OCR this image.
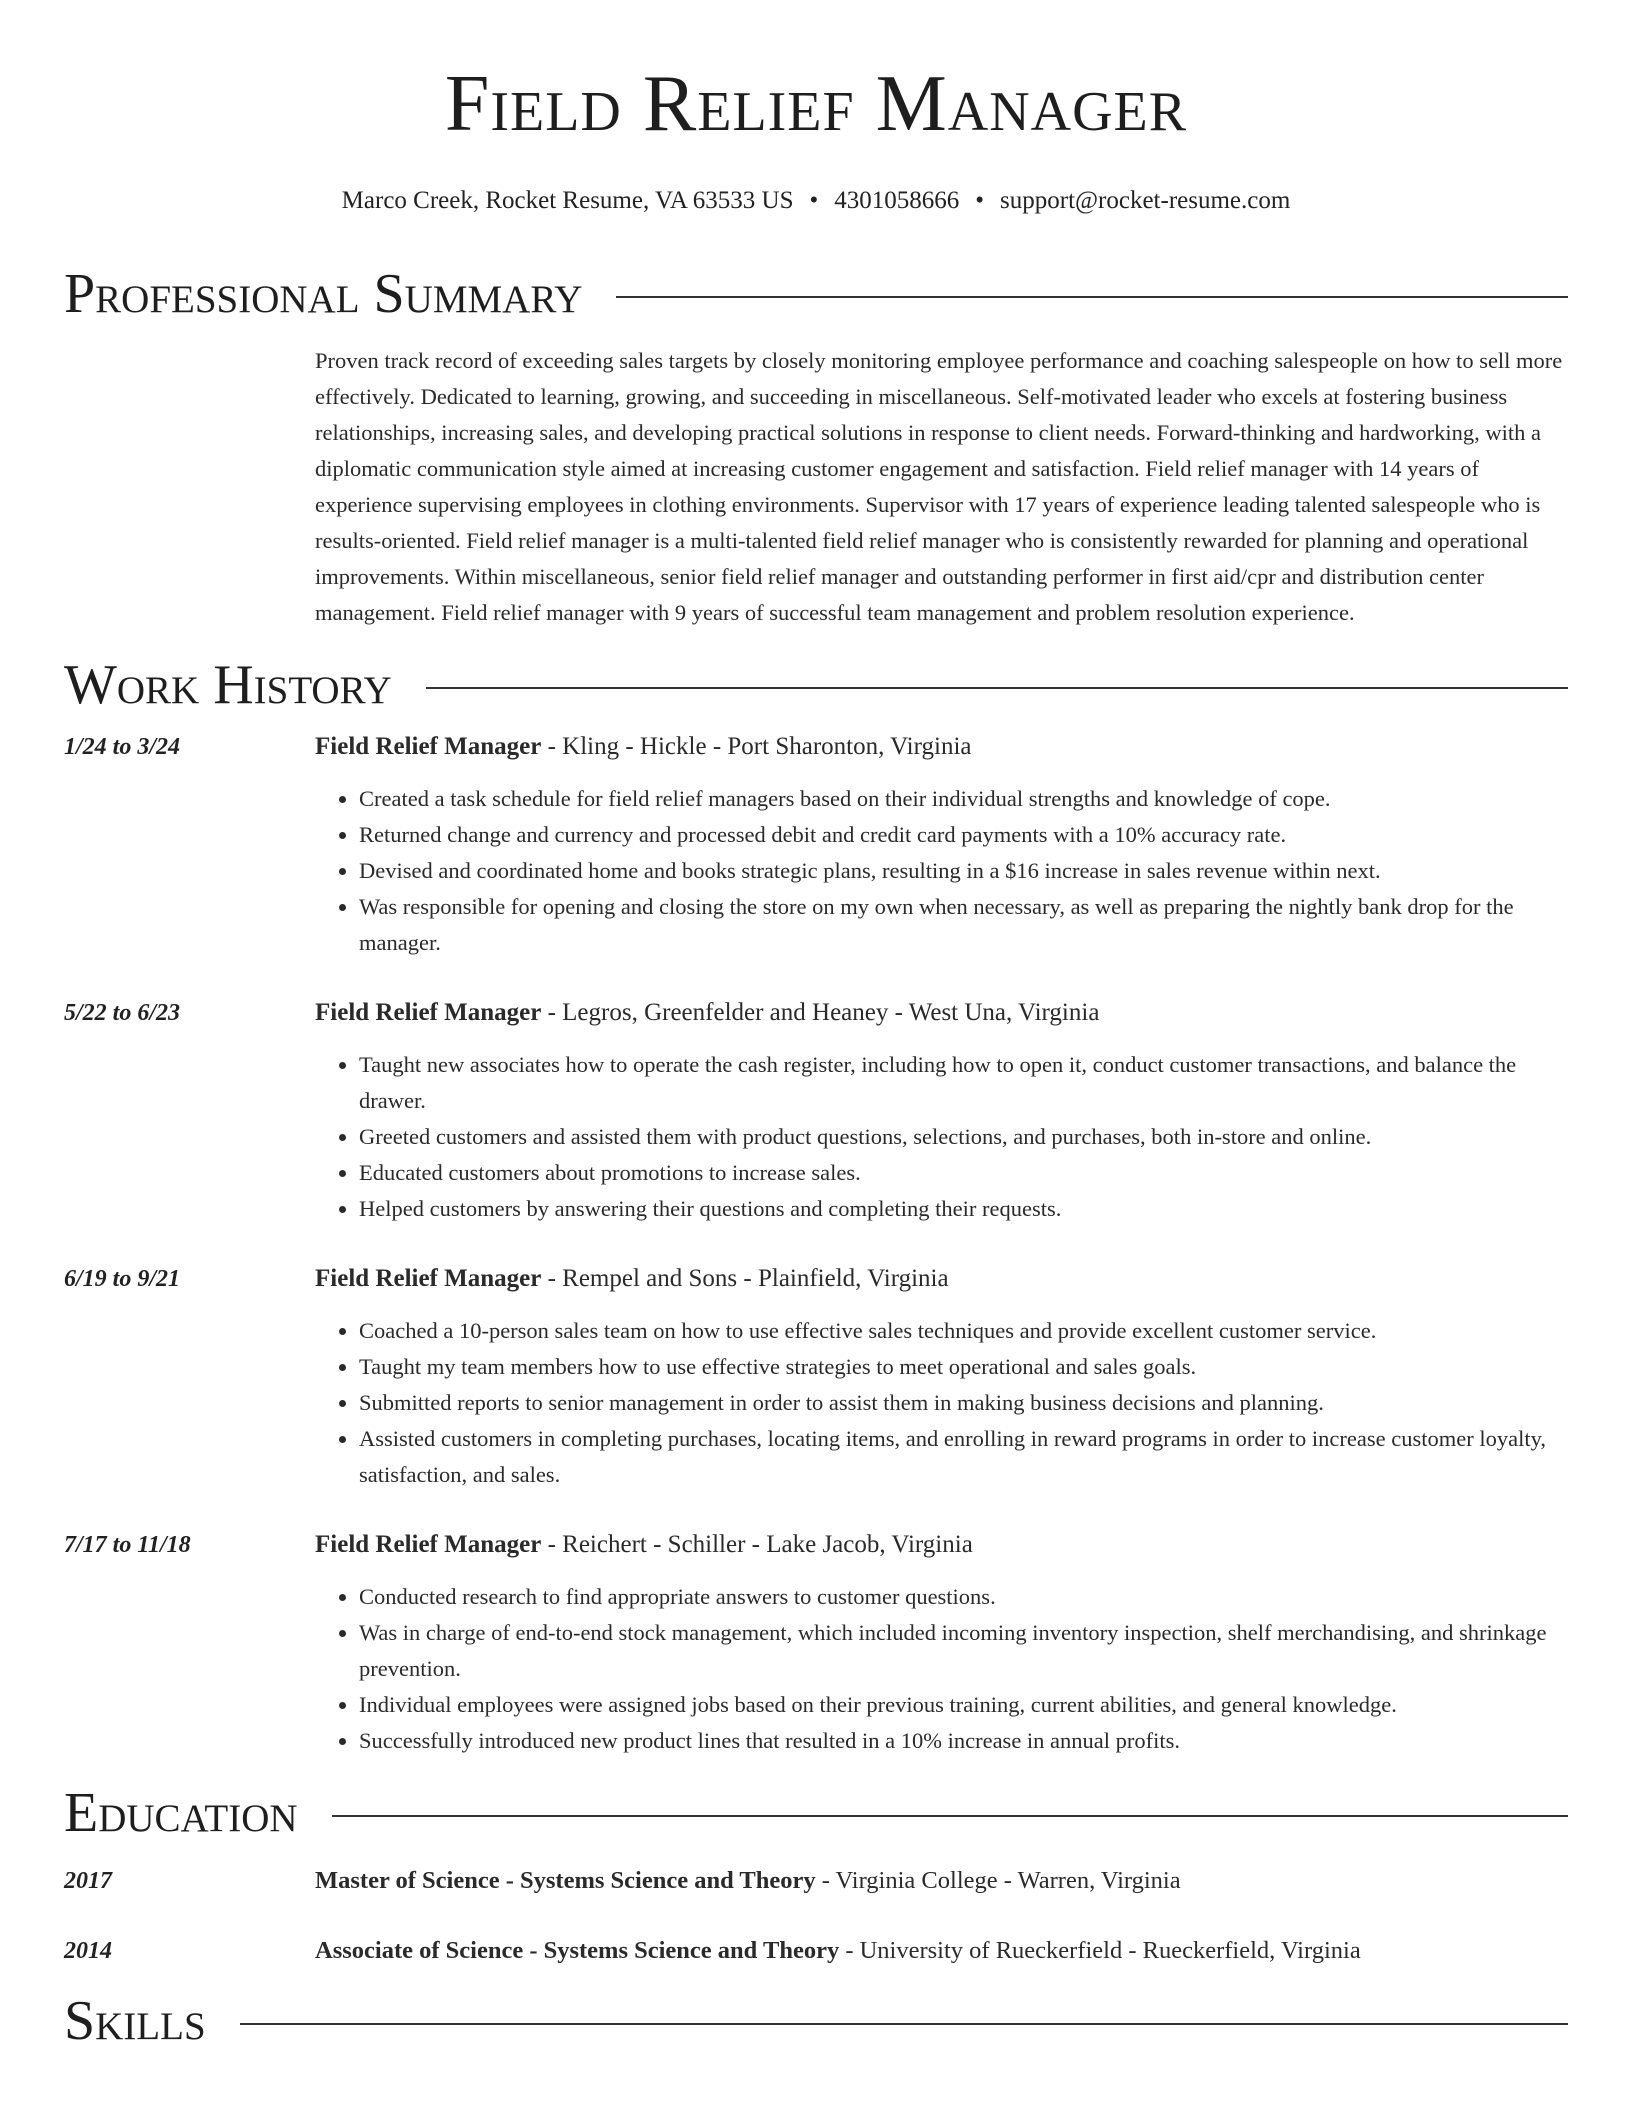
Field Relief Manager
Marco Creek, Rocket Resume, VA 63533 US • 4301058666 • support@rocket-resume.com
Professional Summary
Proven track record of exceeding sales targets by closely monitoring employee performance and coaching salespeople on how to sell more effectively. Dedicated to learning, growing, and succeeding in miscellaneous. Self-motivated leader who excels at fostering business relationships, increasing sales, and developing practical solutions in response to client needs. Forward-thinking and hardworking, with a diplomatic communication style aimed at increasing customer engagement and satisfaction. Field relief manager with 14 years of experience supervising employees in clothing environments. Supervisor with 17 years of experience leading talented salespeople who is results-oriented. Field relief manager is a multi-talented field relief manager who is consistently rewarded for planning and operational improvements. Within miscellaneous, senior field relief manager and outstanding performer in first aid/cpr and distribution center management. Field relief manager with 9 years of successful team management and problem resolution experience.
Work History
1/24 to 3/24	Field Relief Manager - Kling - Hickle - Port Sharonton, Virginia
• Created a task schedule for field relief managers based on their individual strengths and knowledge of cope.
• Returned change and currency and processed debit and credit card payments with a 10% accuracy rate.
• Devised and coordinated home and books strategic plans, resulting in a $16 increase in sales revenue within next.
• Was responsible for opening and closing the store on my own when necessary, as well as preparing the nightly bank drop for the manager.
5/22 to 6/23	Field Relief Manager - Legros, Greenfelder and Heaney - West Una, Virginia
• Taught new associates how to operate the cash register, including how to open it, conduct customer transactions, and balance the drawer.
• Greeted customers and assisted them with product questions, selections, and purchases, both in-store and online.
• Educated customers about promotions to increase sales.
• Helped customers by answering their questions and completing their requests.
6/19 to 9/21	Field Relief Manager - Rempel and Sons - Plainfield, Virginia
• Coached a 10-person sales team on how to use effective sales techniques and provide excellent customer service.
• Taught my team members how to use effective strategies to meet operational and sales goals.
• Submitted reports to senior management in order to assist them in making business decisions and planning.
• Assisted customers in completing purchases, locating items, and enrolling in reward programs in order to increase customer loyalty, satisfaction, and sales.
7/17 to 11/18	Field Relief Manager - Reichert - Schiller - Lake Jacob, Virginia
• Conducted research to find appropriate answers to customer questions.
• Was in charge of end-to-end stock management, which included incoming inventory inspection, shelf merchandising, and shrinkage prevention.
• Individual employees were assigned jobs based on their previous training, current abilities, and general knowledge.
• Successfully introduced new product lines that resulted in a 10% increase in annual profits.
Education
2017	Master of Science - Systems Science and Theory - Virginia College - Warren, Virginia
2014	Associate of Science - Systems Science and Theory - University of Rueckerfield - Rueckerfield, Virginia
Skills
